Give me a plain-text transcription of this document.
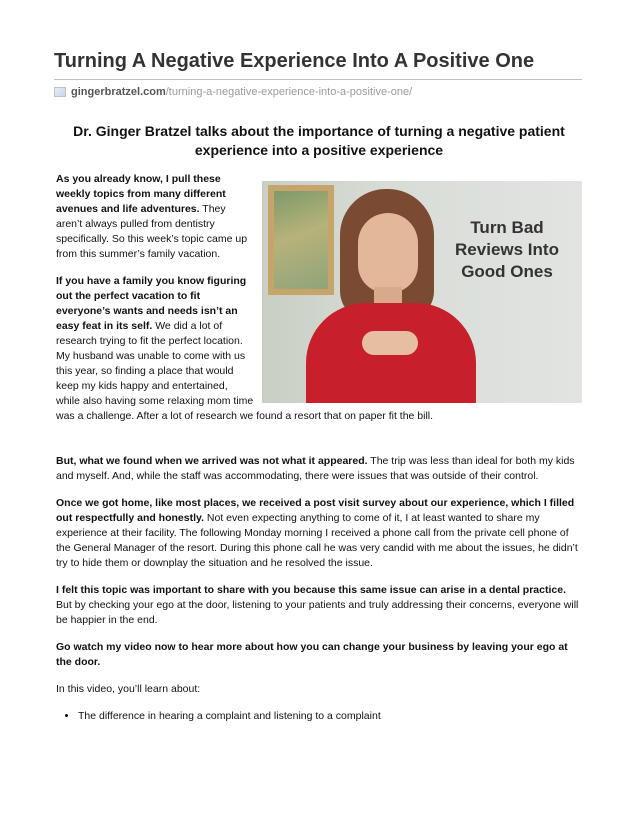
Turning A Negative Experience Into A Positive One
gingerbratzel.com /turning-a-negative-experience-into-a-positive-one/
Dr. Ginger Bratzel talks about the importance of turning a negative patient experience into a positive experience

Turn Bad Reviews Into Good Ones

As you already know, I pull these weekly topics from many different avenues and life adventures. They aren’t always pulled from dentistry specifically. So this week’s topic came up from this summer’s family vacation.

If you have a family you know figuring out the perfect vacation to fit everyone’s wants and needs isn’t an easy feat in its self. We did a lot of research trying to fit the perfect location. My husband was unable to come with us this year, so finding a place that would keep my kids happy and entertained, while also having some relaxing mom time was a challenge. After a lot of research we found a resort that on paper fit the bill.

But, what we found when we arrived was not what it appeared. The trip was less than ideal for both my kids and myself. And, while the staff was accommodating, there were issues that was outside of their control.

Once we got home, like most places, we received a post visit survey about our experience, which I filled out respectfully and honestly. Not even expecting anything to come of it, I at least wanted to share my experience at their facility. The following Monday morning I received a phone call from the private cell phone of the General Manager of the resort. During this phone call he was very candid with me about the issues, he didn’t try to hide them or downplay the situation and he resolved the issue.

I felt this topic was important to share with you because this same issue can arise in a dental practice. But by checking your ego at the door, listening to your patients and truly addressing their concerns, everyone will be happier in the end.

Go watch my video now to hear more about how you can change your business by leaving your ego at the door.

In this video, you’ll learn about:

• The difference in hearing a complaint and listening to a complaint
